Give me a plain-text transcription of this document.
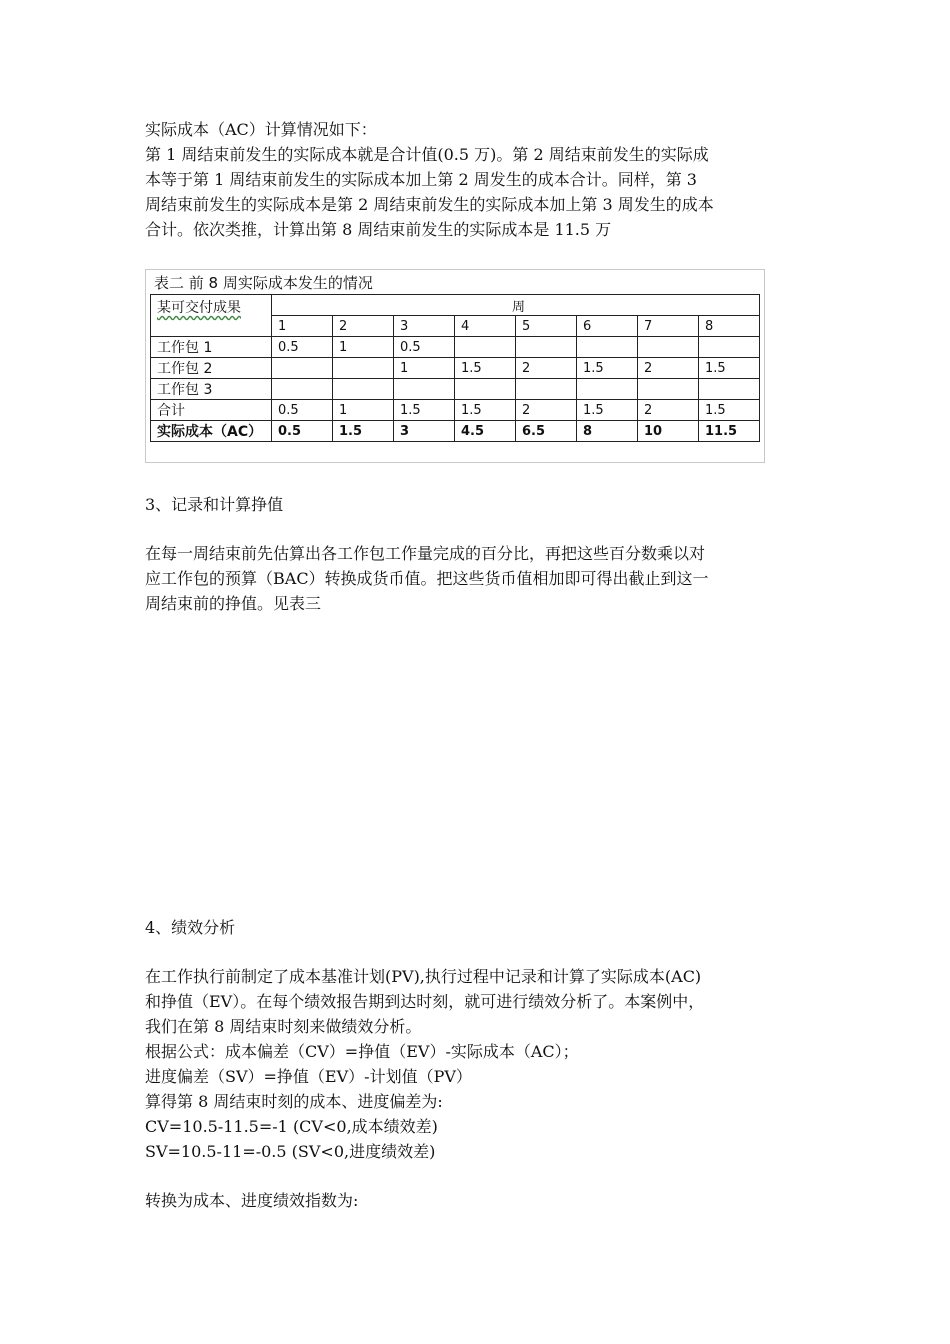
实际成本（AC）计算情况如下：

第 1 周结束前发生的实际成本就是合计值(0.5 万)。第 2 周结束前发生的实际成

本等于第 1 周结束前发生的实际成本加上第 2 周发生的成本合计。同样，第 3

周结束前发生的实际成本是第 2 周结束前发生的实际成本加上第 3 周发生的成本

合计。依次类推，计算出第 8 周结束前发生的实际成本是 11.5 万

表二 前 8 周实际成本发生的情况
某可交付成果	周							
	1	2	3	4	5	6	7	8
工作包 1	0.5	1	0.5					
工作包 2			1	1.5	2	1.5	2	1.5
工作包 3								
合计	0.5	1	1.5	1.5	2	1.5	2	1.5
实际成本（AC）	0.5	1.5	3	4.5	6.5	8	10	11.5

3、记录和计算挣值

在每一周结束前先估算出各工作包工作量完成的百分比，再把这些百分数乘以对

应工作包的预算（BAC）转换成货币值。把这些货币值相加即可得出截止到这一

周结束前的挣值。见表三

4、绩效分析

在工作执行前制定了成本基准计划(PV),执行过程中记录和计算了实际成本(AC)

和挣值（EV）。在每个绩效报告期到达时刻，就可进行绩效分析了。本案例中，

我们在第 8 周结束时刻来做绩效分析。

根据公式：成本偏差（CV）=挣值（EV）-实际成本（AC）；

进度偏差（SV）=挣值（EV）-计划值（PV）

算得第 8 周结束时刻的成本、进度偏差为:

CV=10.5-11.5=-1 (CV<0,成本绩效差)

SV=10.5-11=-0.5 (SV<0,进度绩效差)

转换为成本、进度绩效指数为:
